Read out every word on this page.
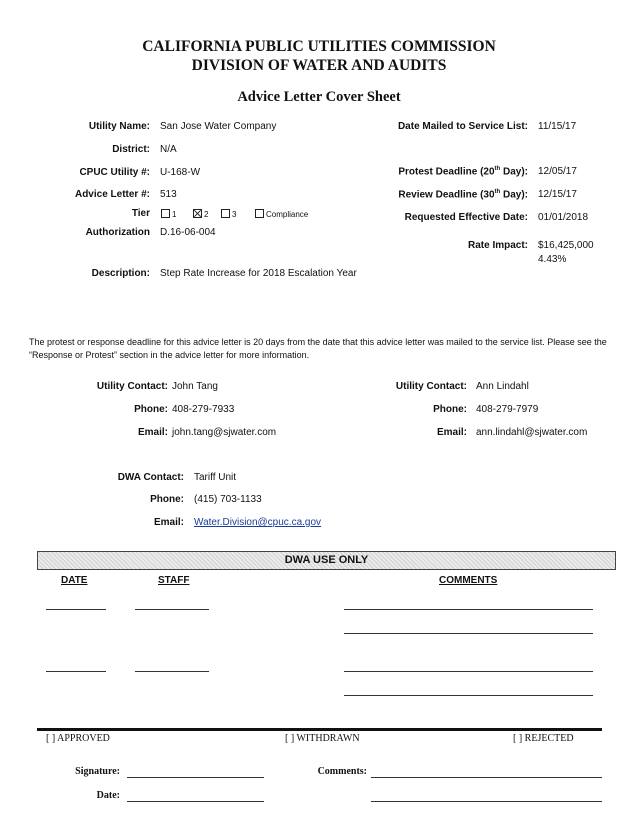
CALIFORNIA PUBLIC UTILITIES COMMISSION
DIVISION OF WATER AND AUDITS
Advice Letter Cover Sheet
Utility Name: San Jose Water Company
District: N/A
CPUC Utility #: U-168-W
Advice Letter #: 513
Tier	1	2	3	Compliance
Authorization D.16-06-004
Description: Step Rate Increase for 2018 Escalation Year
Date Mailed to Service List: 11/15/17
Protest Deadline (20th Day): 12/05/17
Review Deadline (30th Day): 12/15/17
Requested Effective Date: 01/01/2018
Rate Impact: $16,425,000
4.43%
The protest or response deadline for this advice letter is 20 days from the date that this advice letter was mailed to the service list. Please see the “Response or Protest” section in the advice letter for more information.
Utility Contact: John Tang
Phone: 408-279-7933
Email: john.tang@sjwater.com
Utility Contact: Ann Lindahl
Phone: 408-279-7979
Email: ann.lindahl@sjwater.com
DWA Contact: Tariff Unit
Phone: (415) 703-1133
Email: Water.Division@cpuc.ca.gov
DWA USE ONLY
DATE	STAFF	COMMENTS
[ ] APPROVED	[ ] WITHDRAWN	[ ] REJECTED
Signature:	Comments:
Date:
